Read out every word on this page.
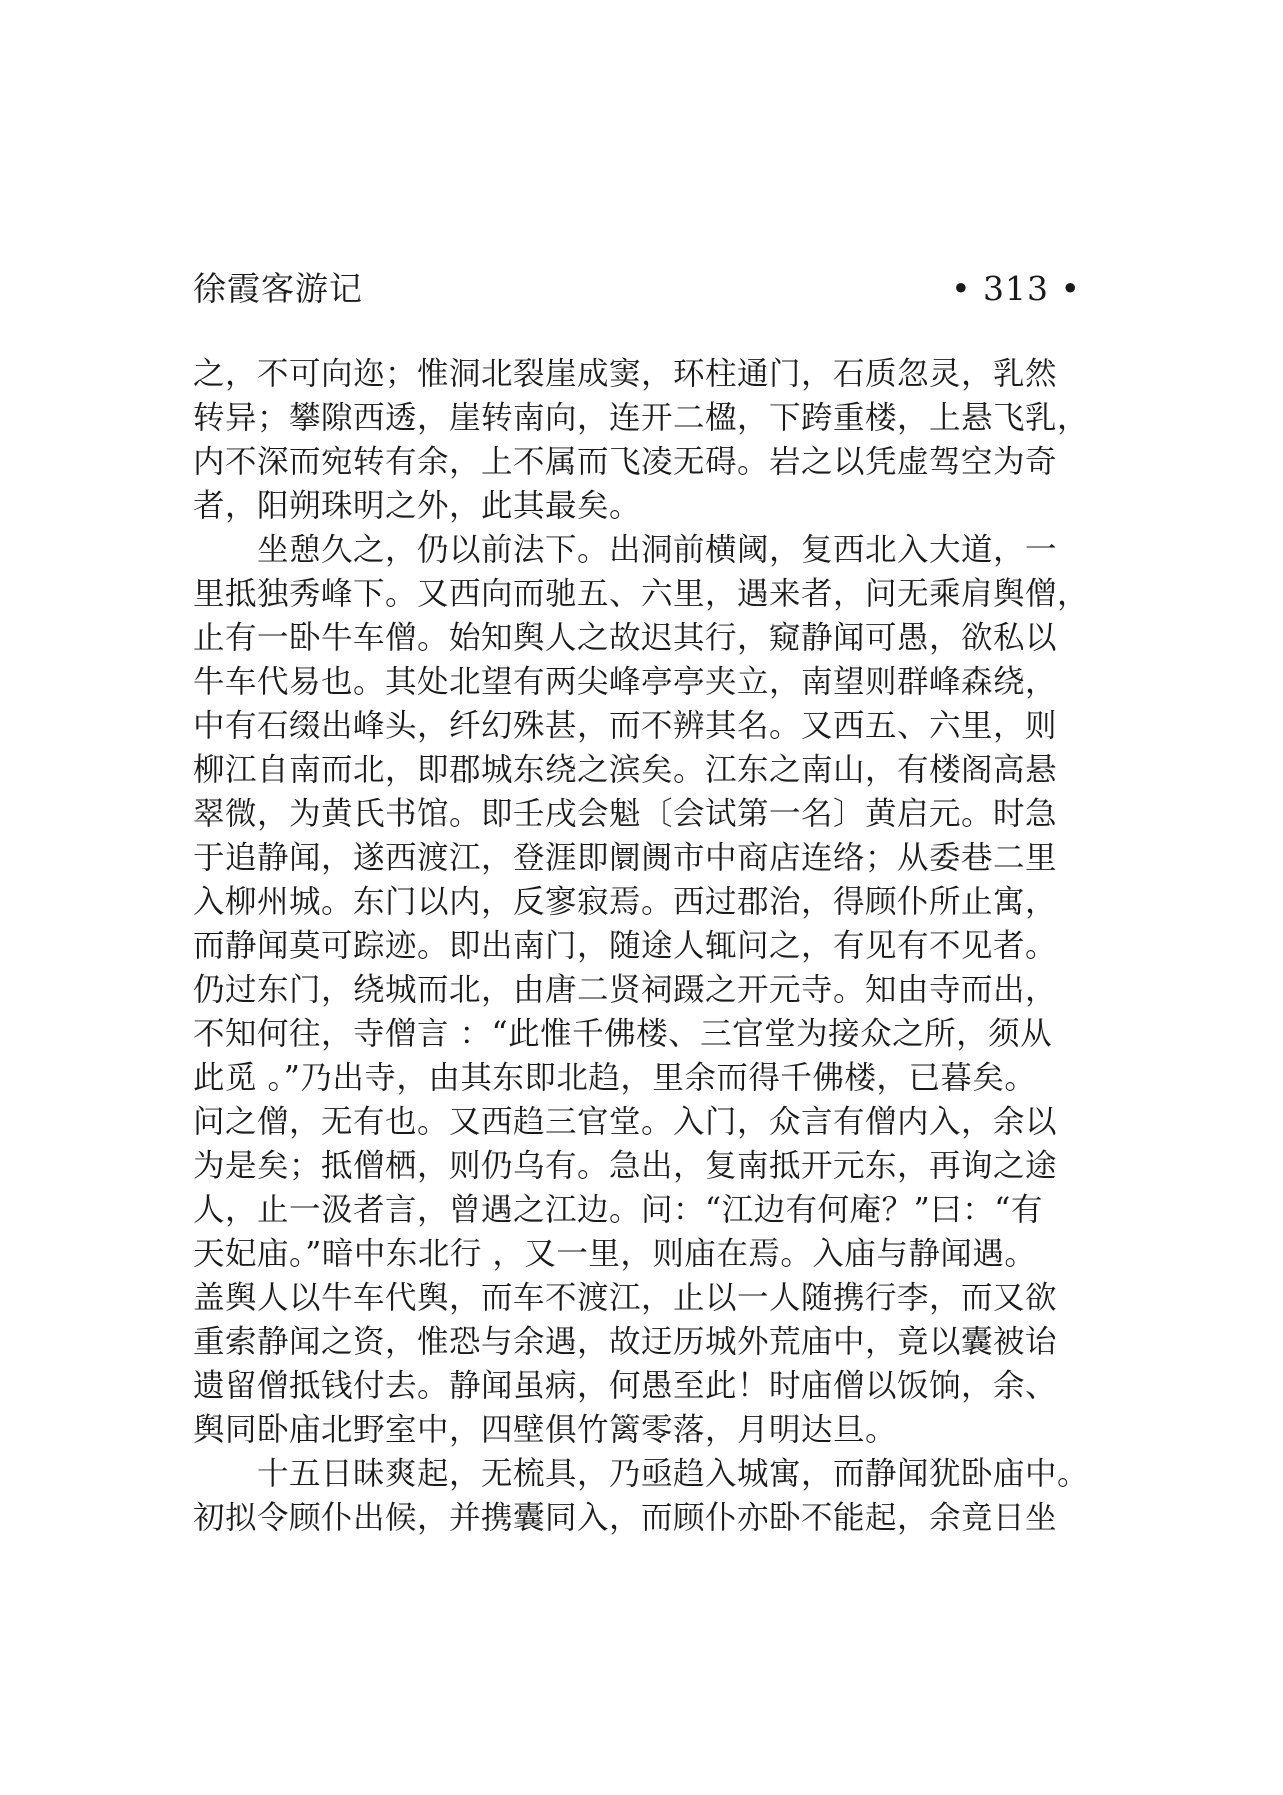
徐霞客游记	• 313 •
之，不可向迩；惟洞北裂崖成窦，环柱通门，石质忽灵，乳然
转异；攀隙西透，崖转南向，连开二楹，下跨重楼，上悬飞乳，
内不深而宛转有余，上不属而飞凌无碍。岩之以凭虚驾空为奇
者，阳朔珠明之外，此其最矣。
坐憩久之，仍以前法下。出洞前横阈，复西北入大道，一
里抵独秀峰下。又西向而驰五、六里，遇来者，问无乘肩舆僧，
止有一卧牛车僧。始知舆人之故迟其行，窥静闻可愚，欲私以
牛车代易也。其处北望有两尖峰亭亭夹立，南望则群峰森绕，
中有石缀出峰头，纤幻殊甚，而不辨其名。又西五、六里，则
柳江自南而北，即郡城东绕之滨矣。江东之南山，有楼阁高悬
翠微，为黄氏书馆。即壬戌会魁〔会试第一名〕黄启元。时急
于追静闻，遂西渡江，登涯即阛阓市中商店连络；从委巷二里
入柳州城。东门以内，反寥寂焉。西过郡治，得顾仆所止寓，
而静闻莫可踪迹。即出南门，随途人辄问之，有见有不见者。
仍过东门，绕城而北，由唐二贤祠蹑之开元寺。知由寺而出，
不知何往，寺僧言 ：“此惟千佛楼、三官堂为接众之所，须从
此觅 。”乃出寺，由其东即北趋，里余而得千佛楼，已暮矣。
问之僧，无有也。又西趋三官堂。入门，众言有僧内入，余以
为是矣；抵僧栖，则仍乌有。急出，复南抵开元东，再询之途
人，止一汲者言，曾遇之江边。问：“江边有何庵？”曰：“有
天妃庙。”暗中东北行 ，又一里，则庙在焉。入庙与静闻遇。
盖舆人以牛车代舆，而车不渡江，止以一人随携行李，而又欲
重索静闻之资，惟恐与余遇，故迂历城外荒庙中，竟以囊被诒
遗留僧抵钱付去。静闻虽病，何愚至此！时庙僧以饭饷，余、
舆同卧庙北野室中，四壁俱竹篱零落，月明达旦。
十五日昧爽起，无梳具，乃亟趋入城寓，而静闻犹卧庙中。
初拟令顾仆出候，并携囊同入，而顾仆亦卧不能起，余竟日坐
